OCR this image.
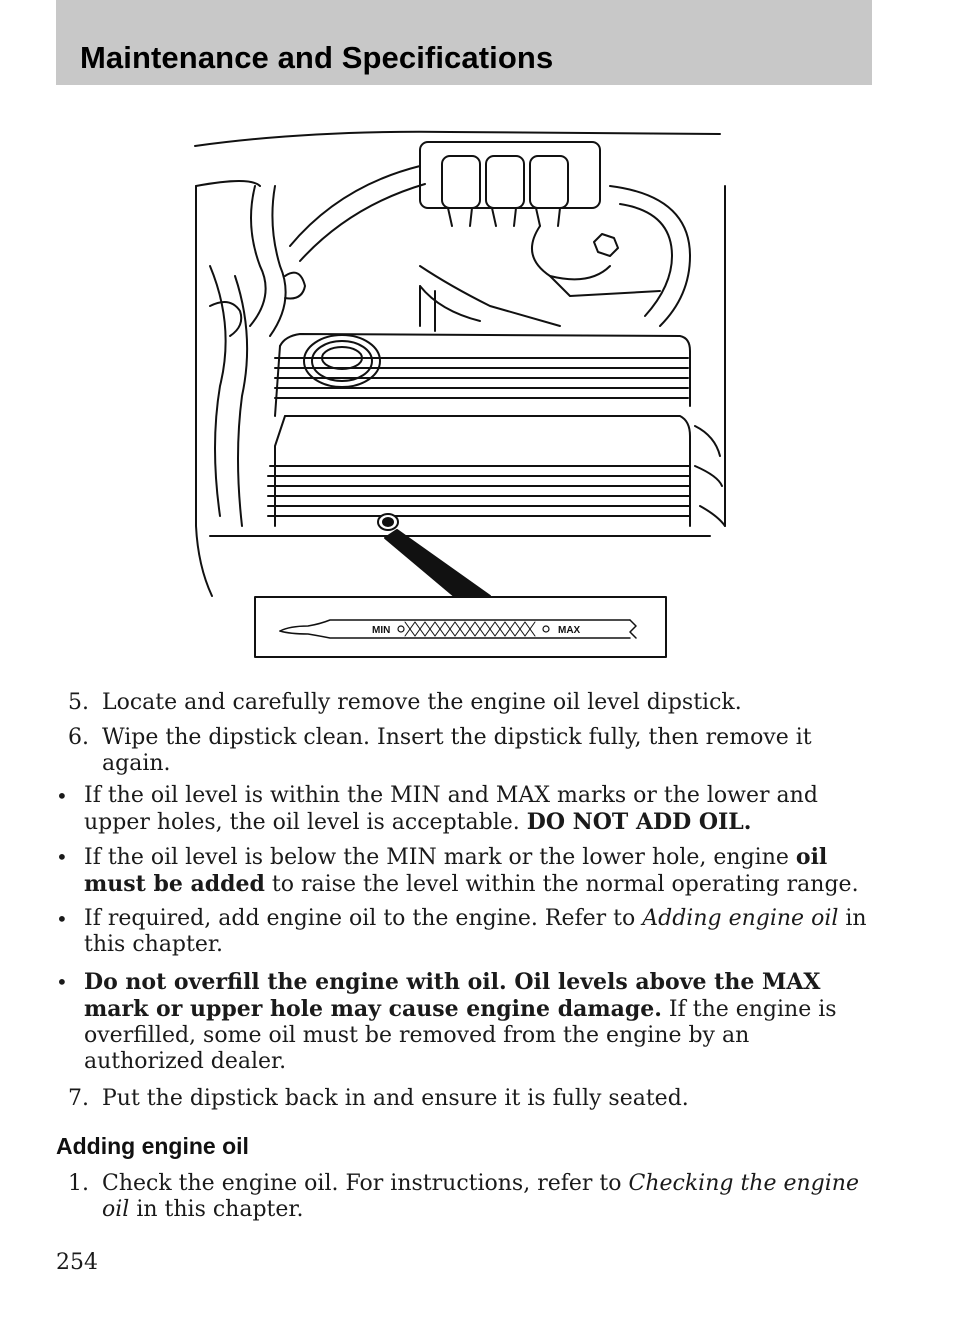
Maintenance and Specifications
MIN	MAX
5. Locate and carefully remove the engine oil level dipstick.
6. Wipe the dipstick clean. Insert the dipstick fully, then remove it again.
• If the oil level is within the MIN and MAX marks or the lower and upper holes, the oil level is acceptable. DO NOT ADD OIL.
• If the oil level is below the MIN mark or the lower hole, engine oil must be added to raise the level within the normal operating range.
• If required, add engine oil to the engine. Refer to Adding engine oil in this chapter.
• Do not overfill the engine with oil. Oil levels above the MAX mark or upper hole may cause engine damage. If the engine is overfilled, some oil must be removed from the engine by an authorized dealer.
7. Put the dipstick back in and ensure it is fully seated.
Adding engine oil
1. Check the engine oil. For instructions, refer to Checking the engine oil in this chapter.
254
